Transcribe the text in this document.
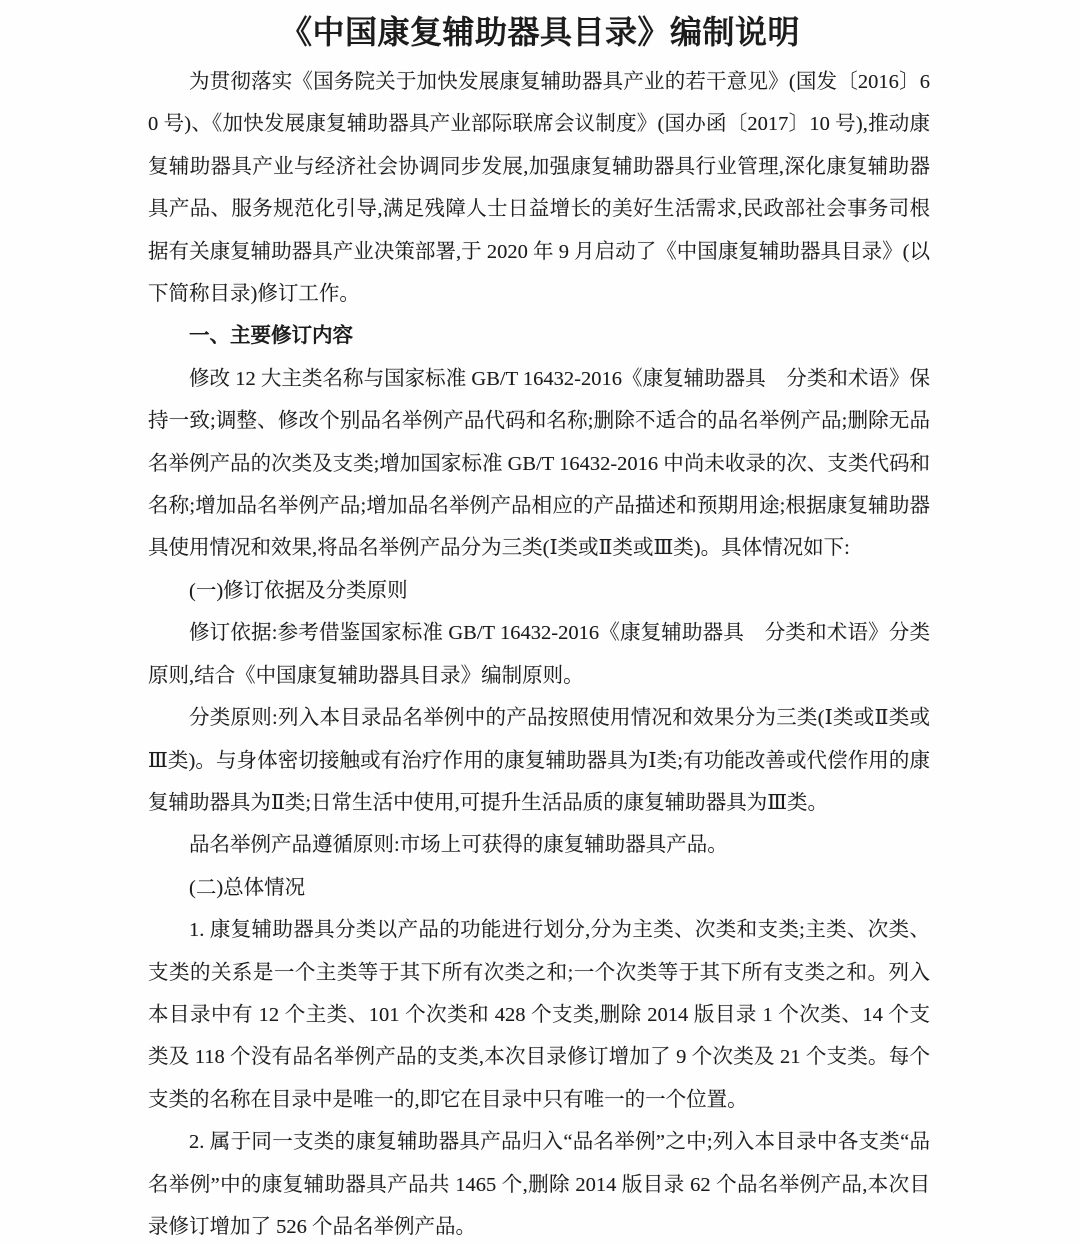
《中国康复辅助器具目录》编制说明

为贯彻落实《国务院关于加快发展康复辅助器具产业的若干意见》(国发〔2016〕60 号)、《加快发展康复辅助器具产业部际联席会议制度》(国办函〔2017〕10 号),推动康复辅助器具产业与经济社会协调同步发展,加强康复辅助器具行业管理,深化康复辅助器具产品、服务规范化引导,满足残障人士日益增长的美好生活需求,民政部社会事务司根据有关康复辅助器具产业决策部署,于 2020 年 9 月启动了《中国康复辅助器具目录》(以下简称目录)修订工作。

一、主要修订内容

修改 12 大主类名称与国家标准 GB/T 16432-2016《康复辅助器具　分类和术语》保持一致;调整、修改个别品名举例产品代码和名称;删除不适合的品名举例产品;删除无品名举例产品的次类及支类;增加国家标准 GB/T 16432-2016 中尚未收录的次、支类代码和名称;增加品名举例产品;增加品名举例产品相应的产品描述和预期用途;根据康复辅助器具使用情况和效果,将品名举例产品分为三类(Ⅰ类或Ⅱ类或Ⅲ类)。具体情况如下:

(一)修订依据及分类原则

修订依据:参考借鉴国家标准 GB/T 16432-2016《康复辅助器具　分类和术语》分类原则,结合《中国康复辅助器具目录》编制原则。

分类原则:列入本目录品名举例中的产品按照使用情况和效果分为三类(Ⅰ类或Ⅱ类或Ⅲ类)。与身体密切接触或有治疗作用的康复辅助器具为Ⅰ类;有功能改善或代偿作用的康复辅助器具为Ⅱ类;日常生活中使用,可提升生活品质的康复辅助器具为Ⅲ类。

品名举例产品遵循原则:市场上可获得的康复辅助器具产品。

(二)总体情况

1. 康复辅助器具分类以产品的功能进行划分,分为主类、次类和支类;主类、次类、支类的关系是一个主类等于其下所有次类之和;一个次类等于其下所有支类之和。列入本目录中有 12 个主类、101 个次类和 428 个支类,删除 2014 版目录 1 个次类、14 个支类及 118 个没有品名举例产品的支类,本次目录修订增加了 9 个次类及 21 个支类。每个支类的名称在目录中是唯一的,即它在目录中只有唯一的一个位置。

2. 属于同一支类的康复辅助器具产品归入“品名举例”之中;列入本目录中各支类“品名举例”中的康复辅助器具产品共 1465 个,删除 2014 版目录 62 个品名举例产品,本次目录修订增加了 526 个品名举例产品。
